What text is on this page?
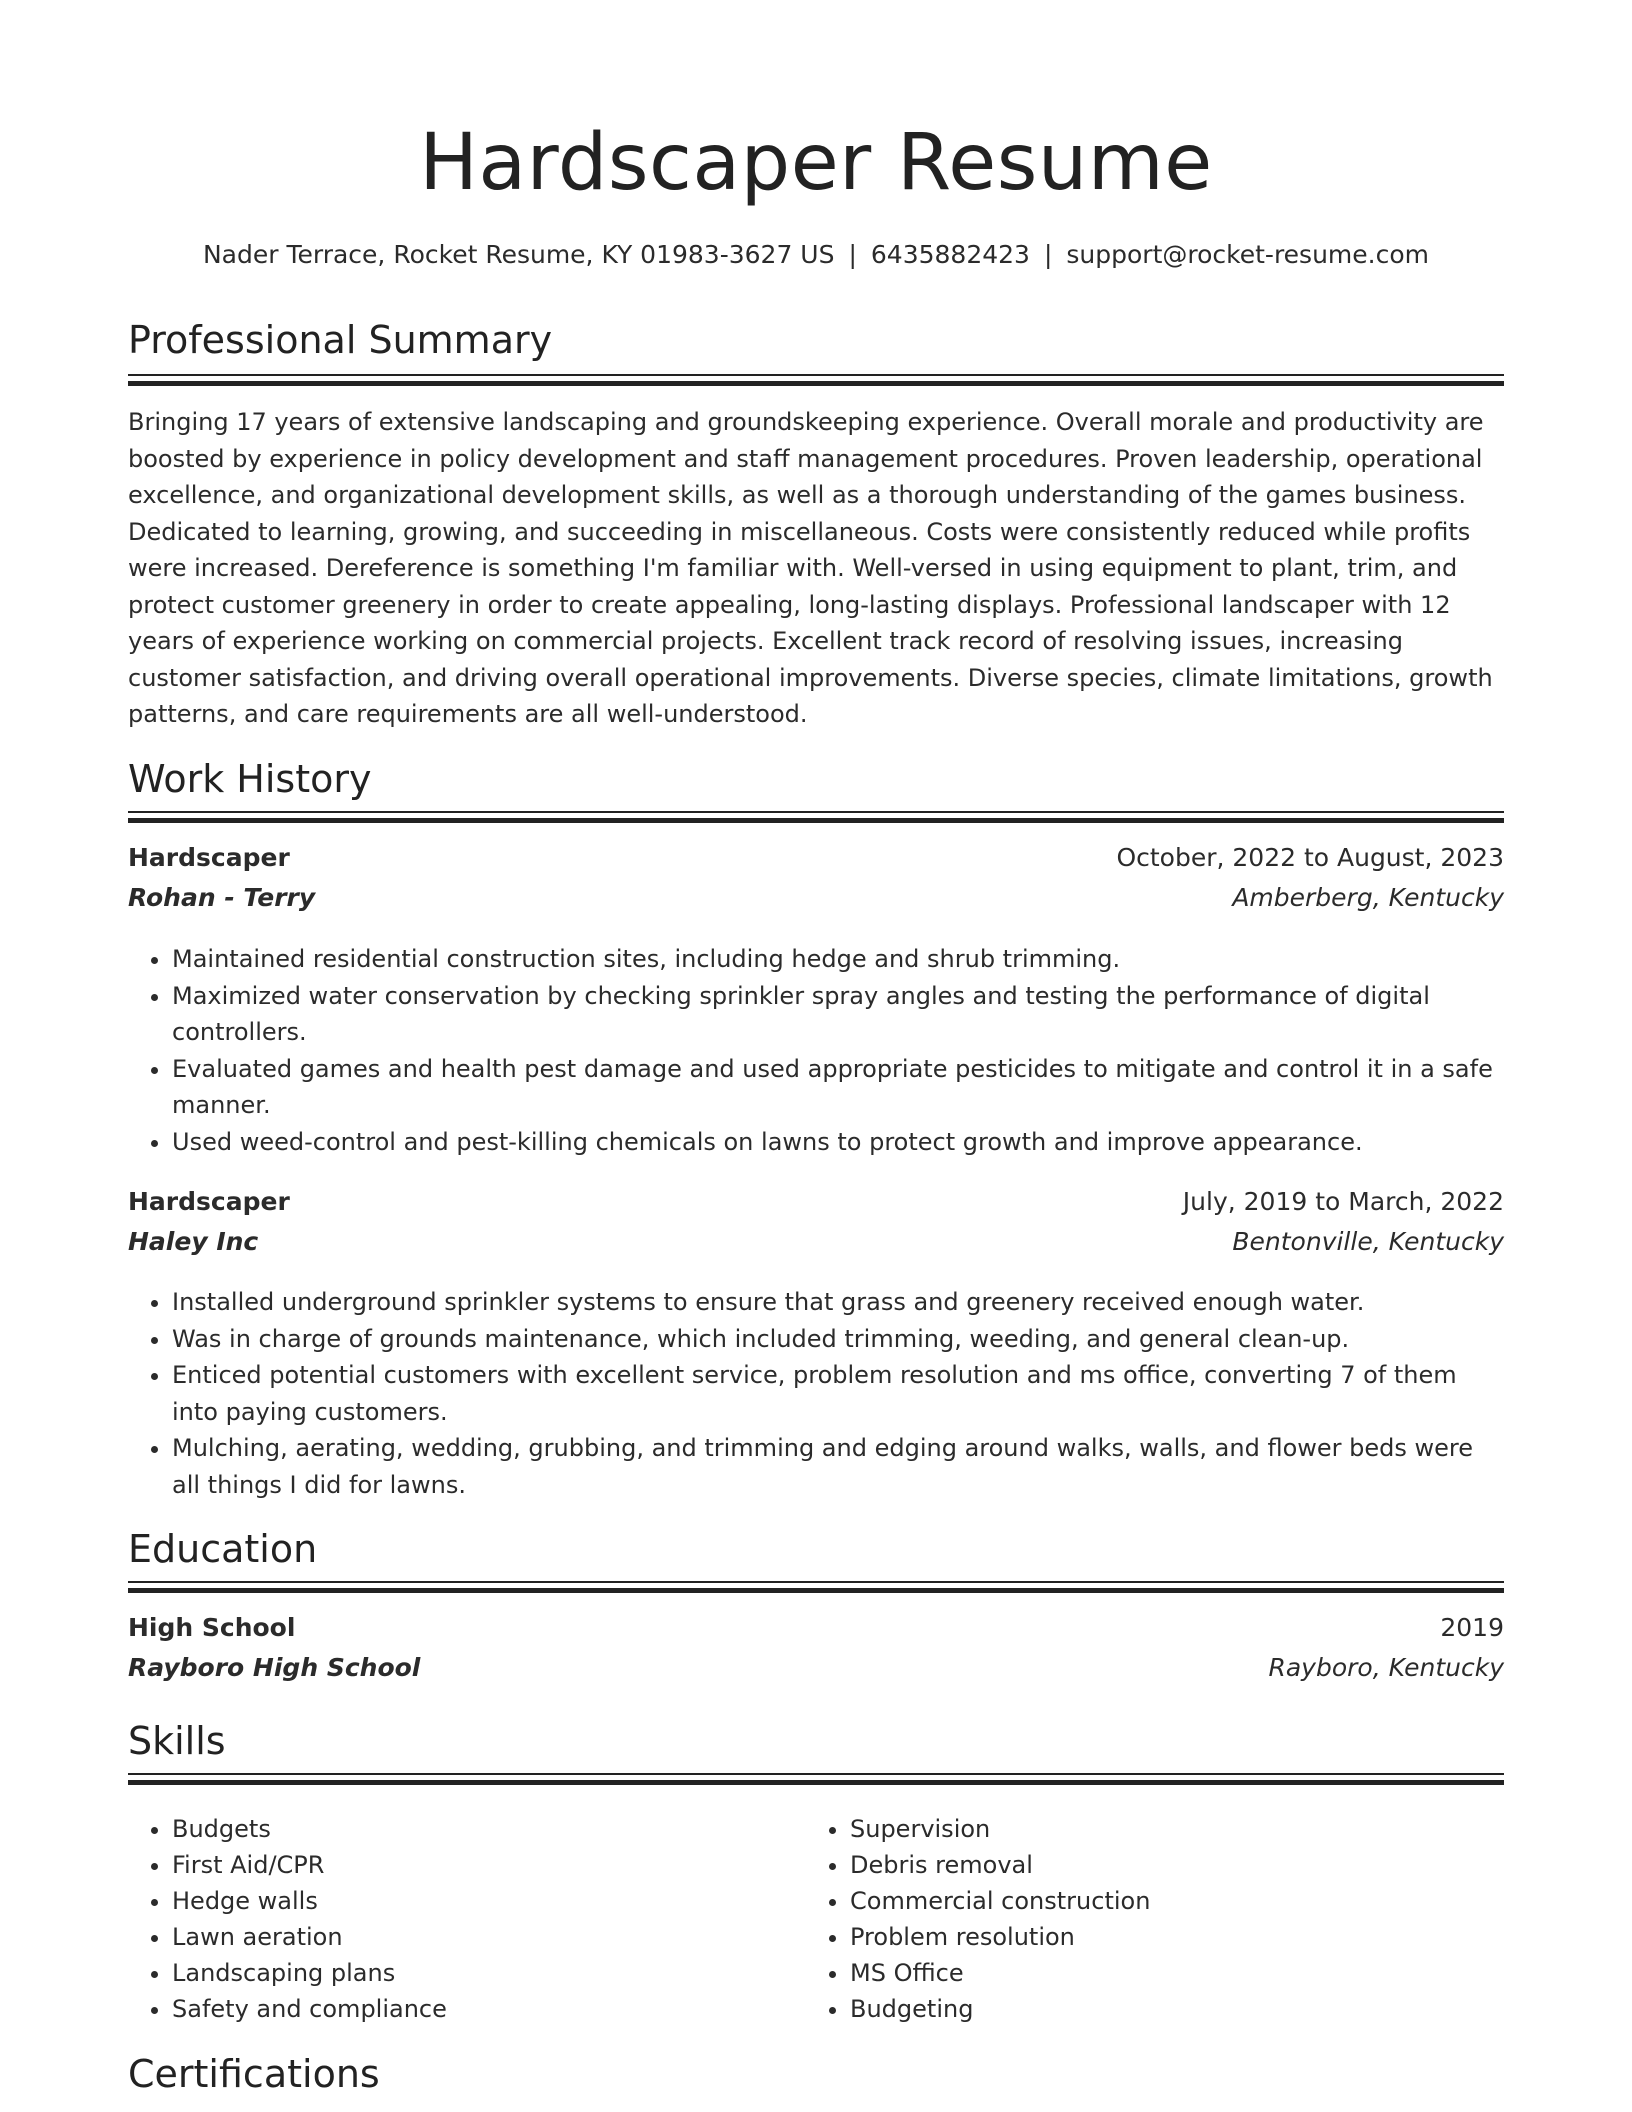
Hardscaper Resume
Nader Terrace, Rocket Resume, KY 01983-3627 US | 6435882423 | support@rocket-resume.com
Professional Summary
Bringing 17 years of extensive landscaping and groundskeeping experience. Overall morale and productivity are boosted by experience in policy development and staff management procedures. Proven leadership, operational excellence, and organizational development skills, as well as a thorough understanding of the games business. Dedicated to learning, growing, and succeeding in miscellaneous. Costs were consistently reduced while profits were increased. Dereference is something I'm familiar with. Well-versed in using equipment to plant, trim, and protect customer greenery in order to create appealing, long-lasting displays. Professional landscaper with 12 years of experience working on commercial projects. Excellent track record of resolving issues, increasing customer satisfaction, and driving overall operational improvements. Diverse species, climate limitations, growth patterns, and care requirements are all well-understood.
Work History
Hardscaper	October, 2022 to August, 2023
Rohan - Terry	Amberberg, Kentucky
• Maintained residential construction sites, including hedge and shrub trimming.
• Maximized water conservation by checking sprinkler spray angles and testing the performance of digital controllers.
• Evaluated games and health pest damage and used appropriate pesticides to mitigate and control it in a safe manner.
• Used weed-control and pest-killing chemicals on lawns to protect growth and improve appearance.
Hardscaper	July, 2019 to March, 2022
Haley Inc	Bentonville, Kentucky
• Installed underground sprinkler systems to ensure that grass and greenery received enough water.
• Was in charge of grounds maintenance, which included trimming, weeding, and general clean-up.
• Enticed potential customers with excellent service, problem resolution and ms office, converting 7 of them into paying customers.
• Mulching, aerating, wedding, grubbing, and trimming and edging around walks, walls, and flower beds were all things I did for lawns.
Education
High School	2019
Rayboro High School	Rayboro, Kentucky
Skills
• Budgets
• First Aid/CPR
• Hedge walls
• Lawn aeration
• Landscaping plans
• Safety and compliance
• Supervision
• Debris removal
• Commercial construction
• Problem resolution
• MS Office
• Budgeting
Certifications
